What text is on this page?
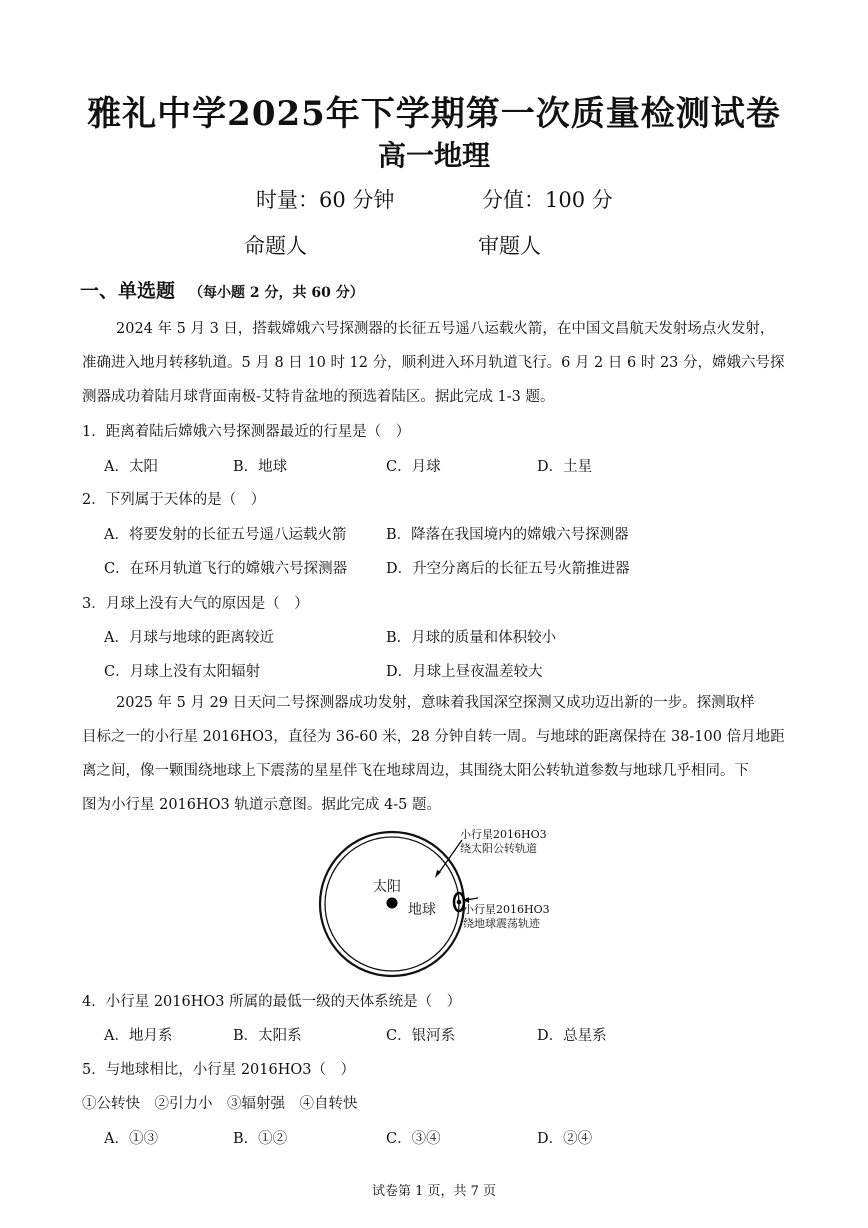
雅礼中学2025年下学期第一次质量检测试卷
高一地理
时量：60 分钟	分值：100 分
命题人	审题人
一、单选题 （每小题 2 分，共 60 分）
2024 年 5 月 3 日，搭载嫦娥六号探测器的长征五号遥八运载火箭，在中国文昌航天发射场点火发射，
准确进入地月转移轨道。5 月 8 日 10 时 12 分，顺利进入环月轨道飞行。6 月 2 日 6 时 23 分，嫦娥六号探
测器成功着陆月球背面南极-艾特肯盆地的预选着陆区。据此完成 1-3 题。
1．距离着陆后嫦娥六号探测器最近的行星是（　）
A．太阳	B．地球	C．月球	D．土星
2．下列属于天体的是（　）
A．将要发射的长征五号遥八运载火箭	B．降落在我国境内的嫦娥六号探测器
C．在环月轨道飞行的嫦娥六号探测器	D．升空分离后的长征五号火箭推进器
3．月球上没有大气的原因是（　）
A．月球与地球的距离较近	B．月球的质量和体积较小
C．月球上没有太阳辐射	D．月球上昼夜温差较大
2025 年 5 月 29 日天问二号探测器成功发射，意味着我国深空探测又成功迈出新的一步。探测取样
目标之一的小行星 2016HO3，直径为 36-60 米，28 分钟自转一周。与地球的距离保持在 38-100 倍月地距
离之间，像一颗围绕地球上下震荡的星星伴飞在地球周边，其围绕太阳公转轨道参数与地球几乎相同。下
图为小行星 2016HO3 轨道示意图。据此完成 4-5 题。
太阳
地球
小行星2016HO3
绕太阳公转轨道
小行星2016HO3
绕地球震荡轨迹
4．小行星 2016HO3 所属的最低一级的天体系统是（　）
A．地月系	B．太阳系	C．银河系	D．总星系
5．与地球相比，小行星 2016HO3（　）
①公转快　②引力小　③辐射强　④自转快
A．①③	B．①②	C．③④	D．②④
试卷第 1 页，共 7 页
